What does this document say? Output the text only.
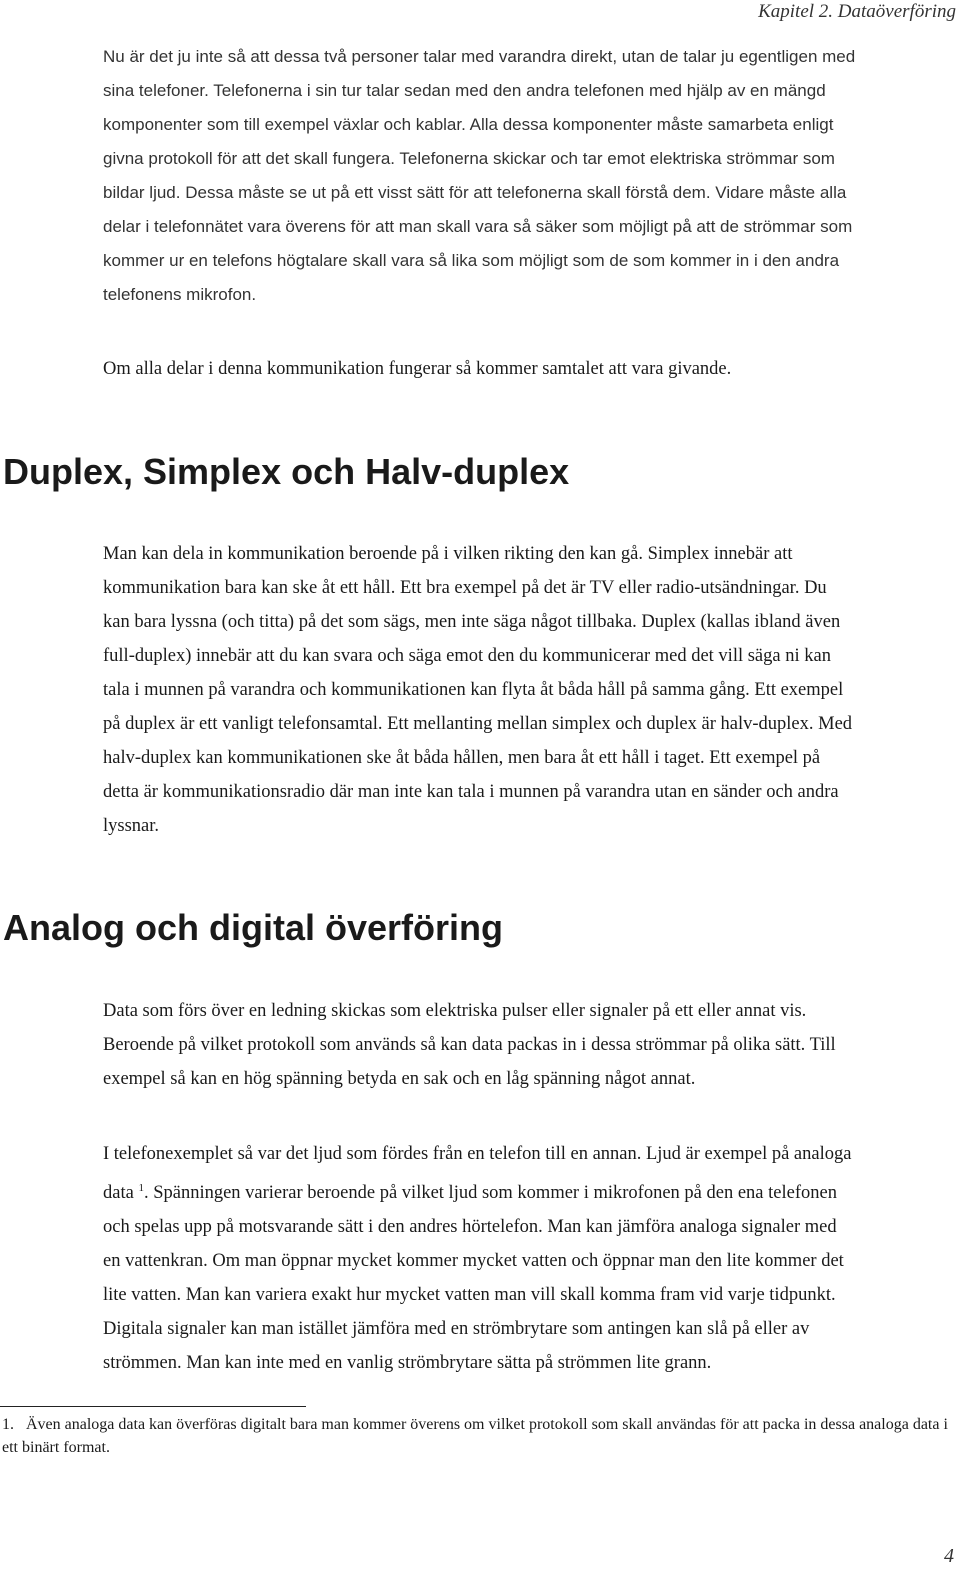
Kapitel 2. Dataöverföring

Nu är det ju inte så att dessa två personer talar med varandra direkt, utan de talar ju egentligen med
sina telefoner. Telefonerna i sin tur talar sedan med den andra telefonen med hjälp av en mängd
komponenter som till exempel växlar och kablar. Alla dessa komponenter måste samarbeta enligt
givna protokoll för att det skall fungera. Telefonerna skickar och tar emot elektriska strömmar som
bildar ljud. Dessa måste se ut på ett visst sätt för att telefonerna skall förstå dem. Vidare måste alla
delar i telefonnätet vara överens för att man skall vara så säker som möjligt på att de strömmar som
kommer ur en telefons högtalare skall vara så lika som möjligt som de som kommer in i den andra
telefonens mikrofon.

Om alla delar i denna kommunikation fungerar så kommer samtalet att vara givande.

Duplex, Simplex och Halv-duplex

Man kan dela in kommunikation beroende på i vilken rikting den kan gå. Simplex innebär att
kommunikation bara kan ske åt ett håll. Ett bra exempel på det är TV eller radio-utsändningar. Du
kan bara lyssna (och titta) på det som sägs, men inte säga något tillbaka. Duplex (kallas ibland även
full-duplex) innebär att du kan svara och säga emot den du kommunicerar med det vill säga ni kan
tala i munnen på varandra och kommunikationen kan flyta åt båda håll på samma gång. Ett exempel
på duplex är ett vanligt telefonsamtal. Ett mellanting mellan simplex och duplex är halv-duplex. Med
halv-duplex kan kommunikationen ske åt båda hållen, men bara åt ett håll i taget. Ett exempel på
detta är kommunikationsradio där man inte kan tala i munnen på varandra utan en sänder och andra
lyssnar.

Analog och digital överföring

Data som förs över en ledning skickas som elektriska pulser eller signaler på ett eller annat vis.
Beroende på vilket protokoll som används så kan data packas in i dessa strömmar på olika sätt. Till
exempel så kan en hög spänning betyda en sak och en låg spänning något annat.

I telefonexemplet så var det ljud som fördes från en telefon till en annan. Ljud är exempel på analoga
data $^1$. Spänningen varierar beroende på vilket ljud som kommer i mikrofonen på den ena telefonen
och spelas upp på motsvarande sätt i den andres hörtelefon. Man kan jämföra analoga signaler med
en vattenkran. Om man öppnar mycket kommer mycket vatten och öppnar man den lite kommer det
lite vatten. Man kan variera exakt hur mycket vatten man vill skall komma fram vid varje tidpunkt.
Digitala signaler kan man istället jämföra med en strömbrytare som antingen kan slå på eller av
strömmen. Man kan inte med en vanlig strömbrytare sätta på strömmen lite grann.

1. Även analoga data kan överföras digitalt bara man kommer överens om vilket protokoll som skall användas för att packa in dessa analoga data i ett binärt format.

4
